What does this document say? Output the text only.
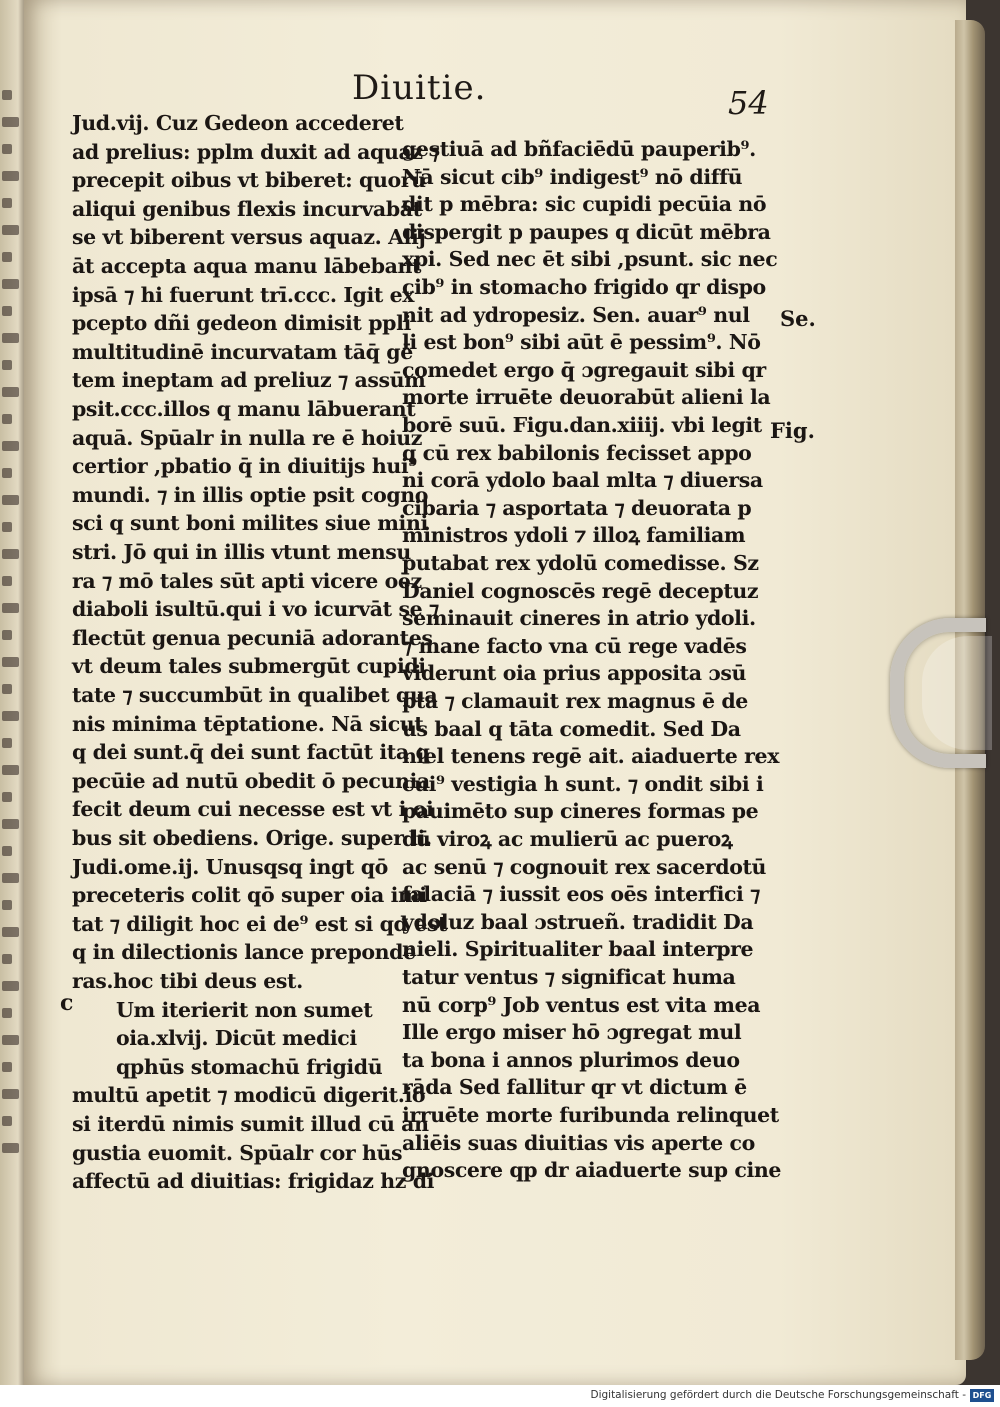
Diuitie.	54
Jud.vij. Cuz Gedeon accederet
ad prelius: pplm duxit ad aquaz ⁊
precepit oibus vt biberet: quorū
aliqui genibus flexis incurvabāt
se vt biberent versus aquaz. Alij
āt accepta aqua manu lābebant
ipsā ⁊ hi fuerunt trī.ccc. Igit ex
pcepto dñi gedeon dimisit ppli
multitudinē incurvatam tāq̄ gē
tem ineptam ad preliuz ⁊ assūm
psit.ccc.illos q manu lābuerant
aquā. Spūalr in nulla re ē hoiuz
certior ,pbatio q̄ in diuitijs hui⁹
mundi. ⁊ in illis optie psit cogno
sci q sunt boni milites siue mini
stri. Jō qui in illis vtunt mensu
ra ⁊ mō tales sūt apti vicere oēz
diaboli isultū.qui i vo icurvāt se ⁊
flectūt genua pecuniā adorantes
vt deum tales submergūt cupidi
tate ⁊ succumbūt in qualibet qua
nis minima tēptatione. Nā sicut
q dei sunt.q̄ dei sunt factūt ita q
pecūie ad nutū obedit ō pecunia
fecit deum cui necesse est vt i oi
bus sit obediens. Orige. super li.
Judi.ome.ij. Unusqsq ingt qō
preceteris colit qō super oia imi
tat ⁊ diligit hoc ei de⁹ est si qd est
q in dilectionis lance preponde
ras.hoc tibi deus est.
Um iterierit non sumet
oia.xlvij. Dicūt medici
qphūs stomachū frigidū
multū apetit ⁊ modicū digerit.iō
si iterdū nimis sumit illud cū an
gustia euomit. Spūalr cor hūs
affectū ad diuitias: frigidaz hz di
c
gestiuā ad bñfaciēdū pauperib⁹.
Nā sicut cib⁹ indigest⁹ nō diffū
dit p mēbra: sic cupidi pecūia nō
dispergit p paupes q dicūt mēbra
xpi. Sed nec ēt sibi ,psunt. sic nec
cib⁹ in stomacho frigido qr dispo
nit ad ydropesiz. Sen. auar⁹ nul
li est bon⁹ sibi aūt ē pessim⁹. Nō
comedet ergo q̄ ɔgregauit sibi qr
morte irruēte deuorabūt alieni la
borē suū. Figu.dan.xiiij. vbi legit
q cū rex babilonis fecisset appo
ni corā ydolo baal mlta ⁊ diuersa
cibaria ⁊ asportata ⁊ deuorata p
ministros ydoli ⁊ illoꝝ familiam
putabat rex ydolū comedisse. Sz
Daniel cognoscēs regē deceptuz
seminauit cineres in atrio ydoli.
⁊ mane facto vna cū rege vadēs
viderunt oia prius apposita ɔsū
pta ⁊ clamauit rex magnus ē de
us baal q tāta comedit. Sed Da
niel tenens regē ait. aiaduerte rex
cui⁹ vestigia h sunt. ⁊ ondit sibi i
pauimēto sup cineres formas pe
dū viroꝝ ac mulierū ac pueroꝝ
ac senū ⁊ cognouit rex sacerdotū
falaciā ⁊ iussit eos oēs interfici ⁊
ydoluz baal ɔstrueñ. tradidit Da
nieli. Spiritualiter baal interpre
tatur ventus ⁊ significat huma
nū corp⁹ Job ventus est vita mea
Ille ergo miser hō ɔgregat mul
ta bona i annos plurimos deuo
rāda Sed fallitur qr vt dictum ē
irruēte morte furibunda relinquet
aliēis suas diuitias vis aperte co
gnoscere qp dr aiaduerte sup cine
Se.
Fig.
Digitalisierung gefördert durch die Deutsche Forschungsgemeinschaft - DFG
